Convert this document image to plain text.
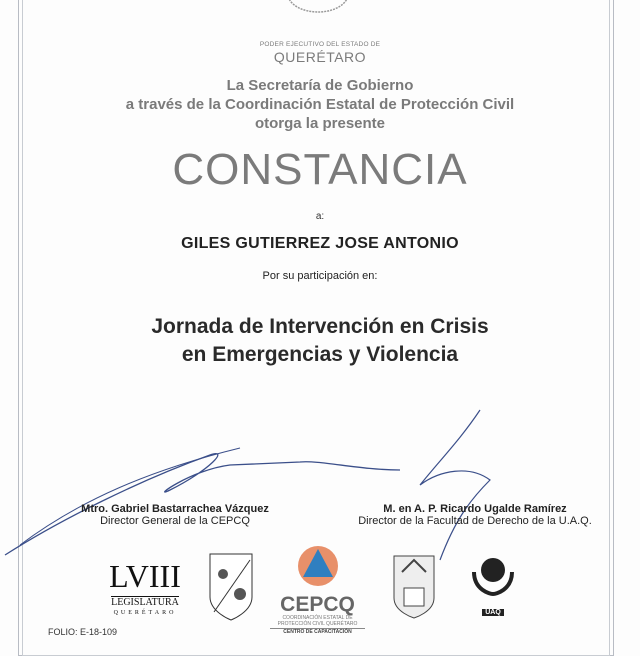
PODER EJECUTIVO DEL ESTADO DE
QUERÉTARO
La Secretaría de Gobierno
a través de la Coordinación Estatal de Protección Civil
otorga la presente
CONSTANCIA
a:
GILES GUTIERREZ JOSE ANTONIO
Por su participación en:
Jornada de Intervención en Crisis
en Emergencias y Violencia
Mtro. Gabriel Bastarrachea Vázquez
Director General de la CEPCQ
M. en A. P. Ricardo Ugalde Ramírez
Director de la Facultad de Derecho de la U.A.Q.
LVIII
LEGISLATURA
QUERÉTARO	CEPCQ
COORDINACIÓN ESTATAL DE
PROTECCIÓN CIVIL QUERÉTARO
CENTRO DE CAPACITACIÓN
UAQ
FOLIO: E-18-109
